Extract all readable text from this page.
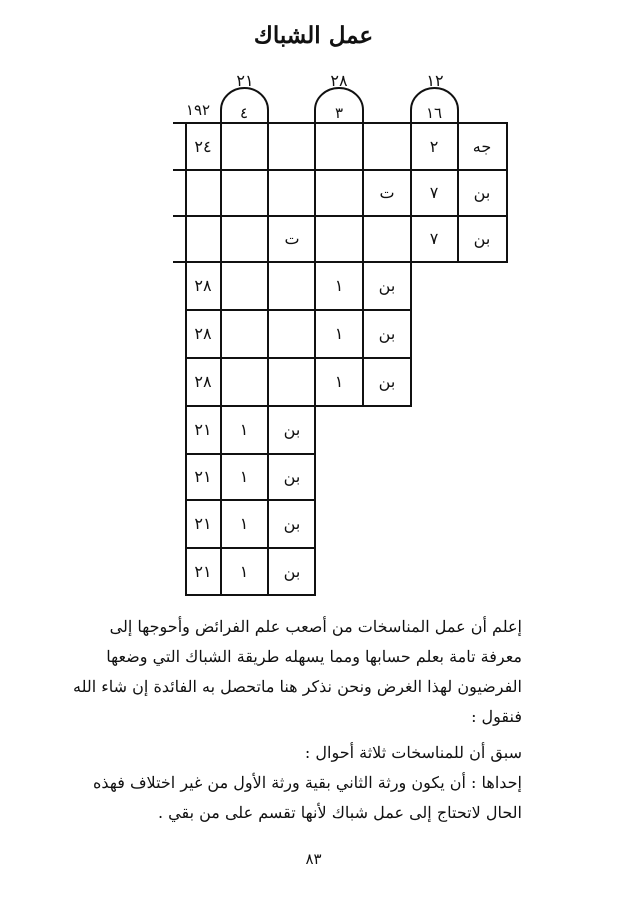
عمل الشباك
١٩٢ ٤
٢١
٣
٢٨
١٦
١٢
جه
٢
٢٤
بن
٧
ت
بن
٧
ت
بن
١
٢٨
بن
١
٢٨
بن
١
٢٨
بن
١
٢١
بن
١
٢١
بن
١
٢١
بن
١
٢١
إعلم أن عمل المناسخات من أصعب علم الفرائض وأحوجها إلى
معرفة تامة بعلم حسابها ومما يسهله طريقة الشباك التي وضعها
الفرضيون لهذا الغرض ونحن نذكر هنا ماتحصل به الفائدة إن شاء الله
فنقول :
سبق أن للمناسخات ثلاثة أحوال :
إحداها : أن يكون ورثة الثاني بقية ورثة الأول من غير اختلاف فهذه
الحال لاتحتاج إلى عمل شباك لأنها تقسم على من بقي .
٨٣
